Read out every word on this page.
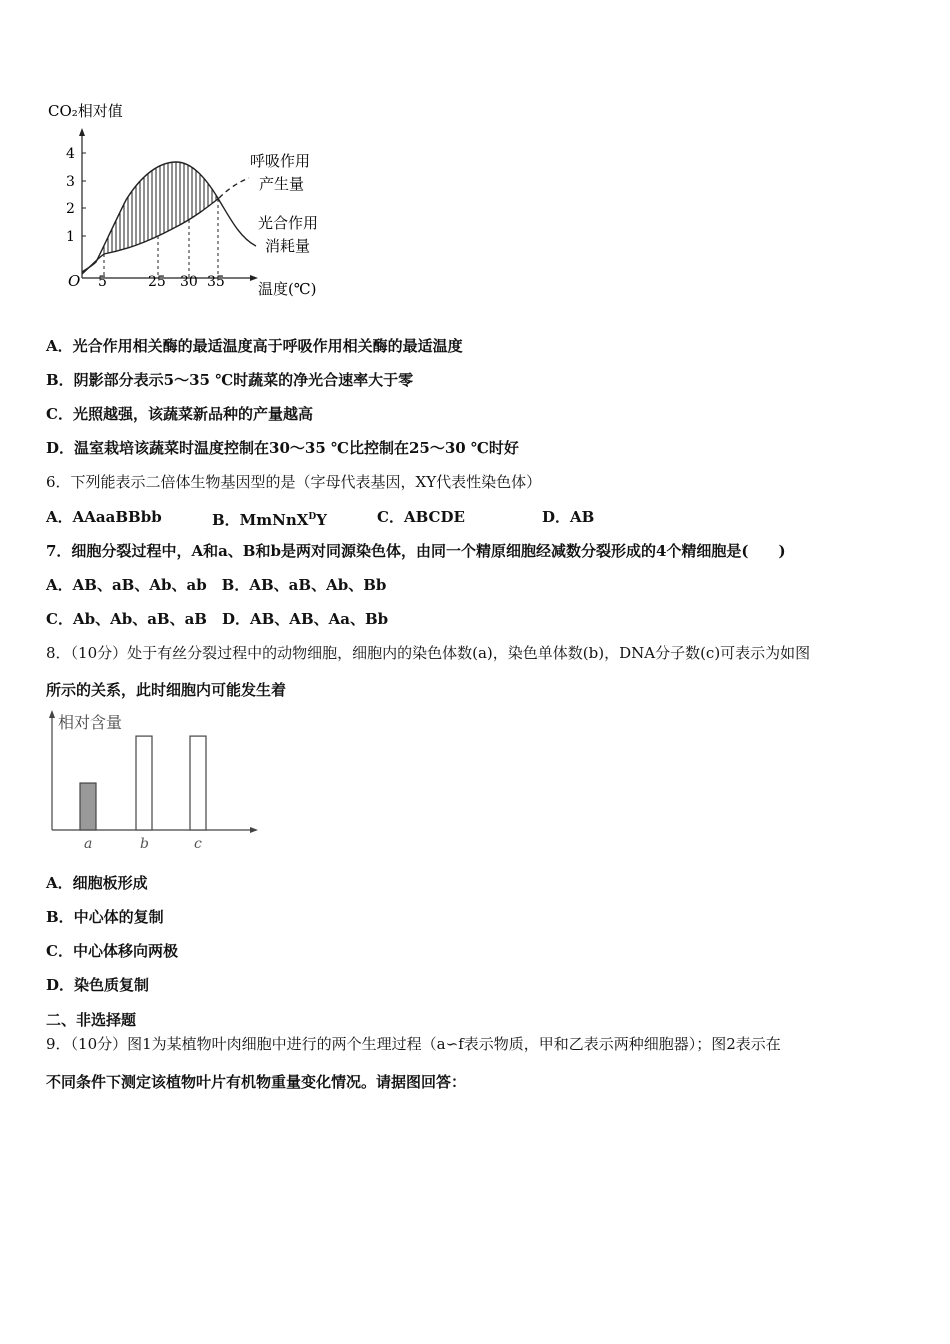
CO₂相对值
1
2
3
4
O 5	25 30 35 温度(℃)
呼吸作用
产生量
光合作用
消耗量
A．光合作用相关酶的最适温度高于呼吸作用相关酶的最适温度
B．阴影部分表示5～35 ℃时蔬菜的净光合速率大于零
C．光照越强，该蔬菜新品种的产量越高
D．温室栽培该蔬菜时温度控制在30～35 ℃比控制在25～30 ℃时好
6．下列能表示二倍体生物基因型的是（字母代表基因，XY代表性染色体）
A．AAaaBBbb	B．MmNnX$^D$Y	C．ABCDE	D．AB
7．细胞分裂过程中，A和a、B和b是两对同源染色体，由同一个精原细胞经减数分裂形成的4个精细胞是(　　)
A．AB、aB、Ab、ab　B．AB、aB、Ab、Bb
C．Ab、Ab、aB、aB　D．AB、AB、Aa、Bb
8．（10分）处于有丝分裂过程中的动物细胞，细胞内的染色体数(a)，染色单体数(b)，DNA分子数(c)可表示为如图
所示的关系，此时细胞内可能发生着
相对含量
a	b	c
A．细胞板形成
B．中心体的复制
C．中心体移向两极
D．染色质复制
二、非选择题
9．（10分）图1为某植物叶肉细胞中进行的两个生理过程（a∽f表示物质，甲和乙表示两种细胞器）；图2表示在
不同条件下测定该植物叶片有机物重量变化情况。请据图回答：
